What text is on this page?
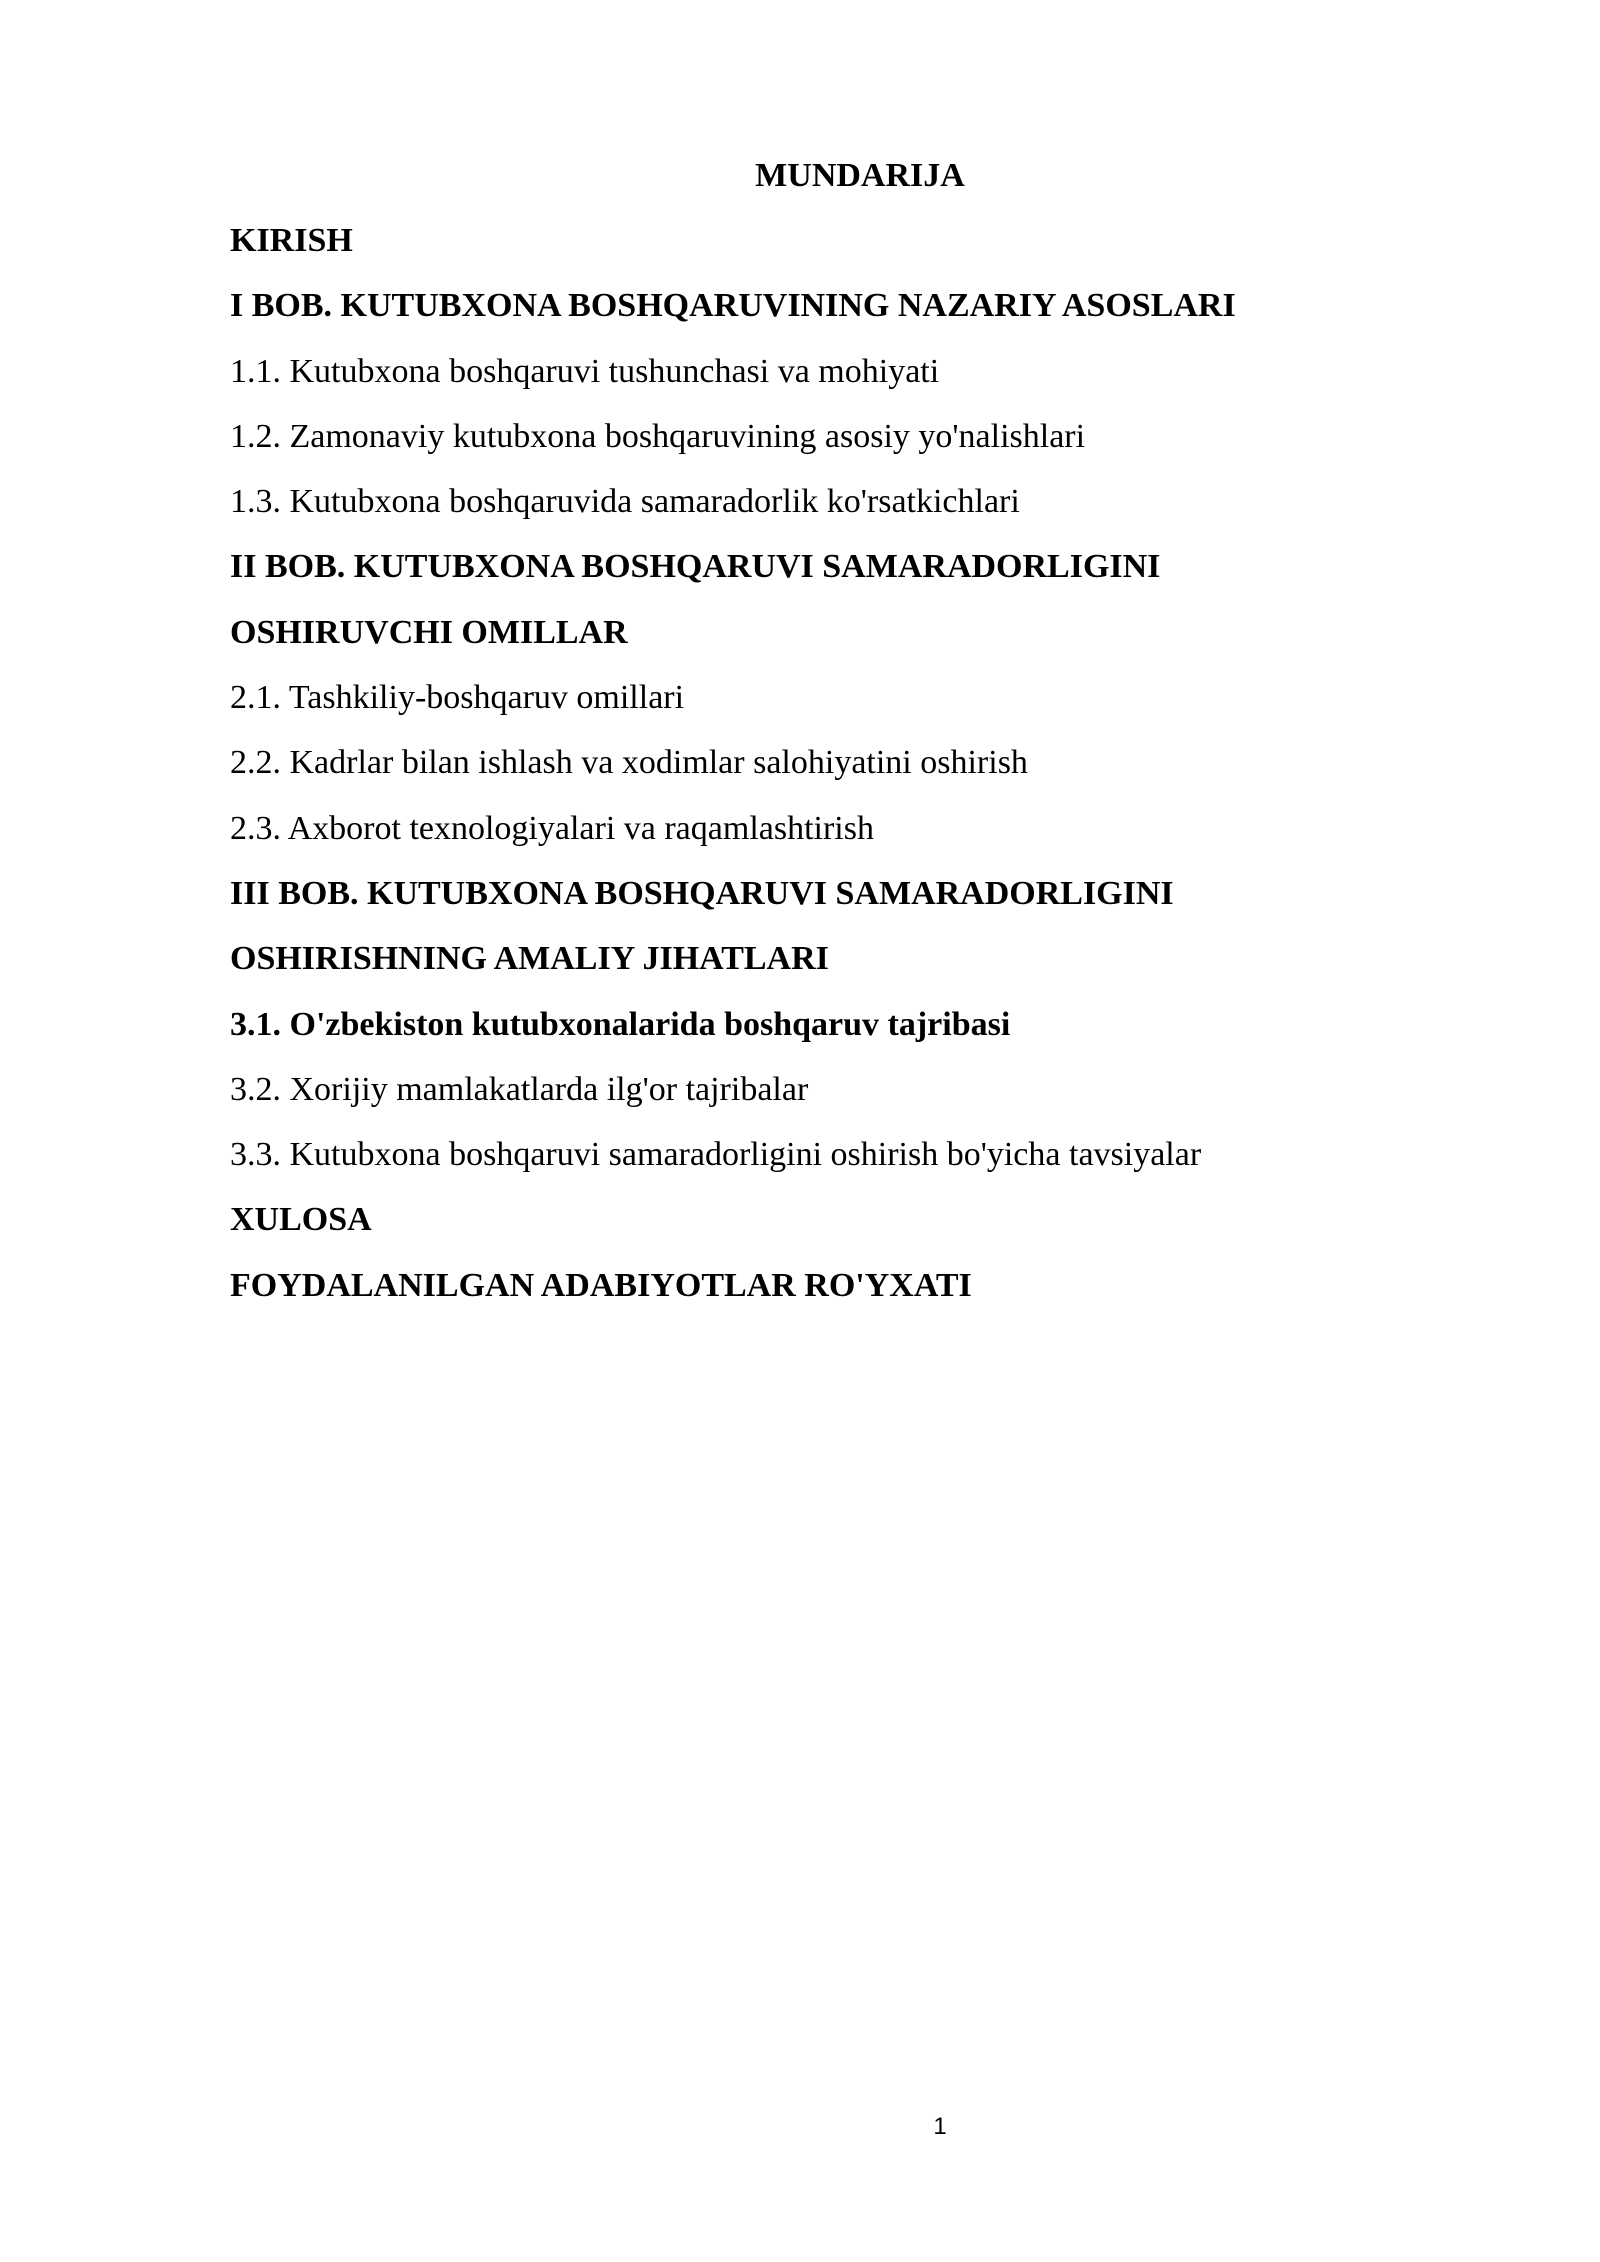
MUNDARIJA
KIRISH
I BOB. KUTUBXONA BOSHQARUVINING NAZARIY ASOSLARI
1.1. Kutubxona boshqaruvi tushunchasi va mohiyati
1.2. Zamonaviy kutubxona boshqaruvining asosiy yo'nalishlari
1.3. Kutubxona boshqaruvida samaradorlik ko'rsatkichlari
II BOB. KUTUBXONA BOSHQARUVI SAMARADORLIGINI
OSHIRUVCHI OMILLAR
2.1. Tashkiliy-boshqaruv omillari
2.2. Kadrlar bilan ishlash va xodimlar salohiyatini oshirish
2.3. Axborot texnologiyalari va raqamlashtirish
III BOB. KUTUBXONA BOSHQARUVI SAMARADORLIGINI
OSHIRISHNING AMALIY JIHATLARI
3.1. O'zbekiston kutubxonalarida boshqaruv tajribasi
3.2. Xorijiy mamlakatlarda ilg'or tajribalar
3.3. Kutubxona boshqaruvi samaradorligini oshirish bo'yicha tavsiyalar
XULOSA
FOYDALANILGAN ADABIYOTLAR RO'YXATI
1
